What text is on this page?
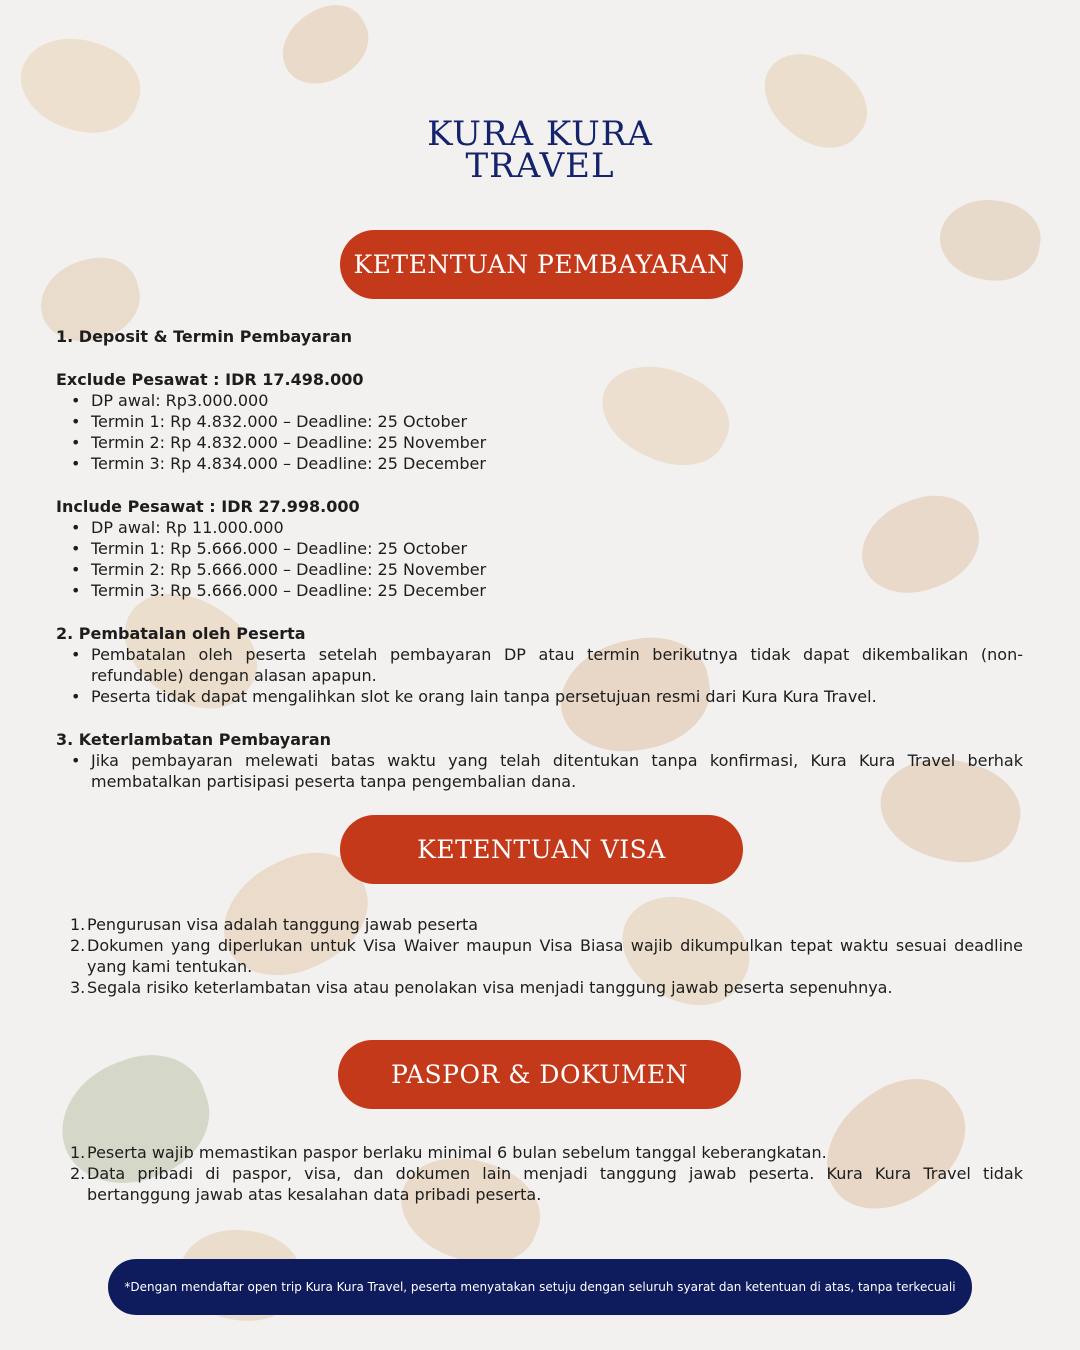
KURA KURA
TRAVEL
KETENTUAN PEMBAYARAN
1. Deposit & Termin Pembayaran
Exclude Pesawat : IDR 17.498.000
• DP awal: Rp3.000.000
• Termin 1: Rp 4.832.000 – Deadline: 25 October
• Termin 2: Rp 4.832.000 – Deadline: 25 November
• Termin 3: Rp 4.834.000 – Deadline: 25 December
Include Pesawat : IDR 27.998.000
• DP awal: Rp 11.000.000
• Termin 1: Rp 5.666.000 – Deadline: 25 October
• Termin 2: Rp 5.666.000 – Deadline: 25 November
• Termin 3: Rp 5.666.000 – Deadline: 25 December
2. Pembatalan oleh Peserta
• Pembatalan oleh peserta setelah pembayaran DP atau termin berikutnya tidak dapat dikembalikan (non-refundable) dengan alasan apapun.
• Peserta tidak dapat mengalihkan slot ke orang lain tanpa persetujuan resmi dari Kura Kura Travel.
3. Keterlambatan Pembayaran
• Jika pembayaran melewati batas waktu yang telah ditentukan tanpa konfirmasi, Kura Kura Travel berhak membatalkan partisipasi peserta tanpa pengembalian dana.
KETENTUAN VISA
1. Pengurusan visa adalah tanggung jawab peserta
2. Dokumen yang diperlukan untuk Visa Waiver maupun Visa Biasa wajib dikumpulkan tepat waktu sesuai deadline yang kami tentukan.
3. Segala risiko keterlambatan visa atau penolakan visa menjadi tanggung jawab peserta sepenuhnya.
PASPOR & DOKUMEN
1. Peserta wajib memastikan paspor berlaku minimal 6 bulan sebelum tanggal keberangkatan.
2. Data pribadi di paspor, visa, dan dokumen lain menjadi tanggung jawab peserta. Kura Kura Travel tidak bertanggung jawab atas kesalahan data pribadi peserta.
*Dengan mendaftar open trip Kura Kura Travel, peserta menyatakan setuju dengan seluruh syarat dan ketentuan di atas, tanpa terkecuali
